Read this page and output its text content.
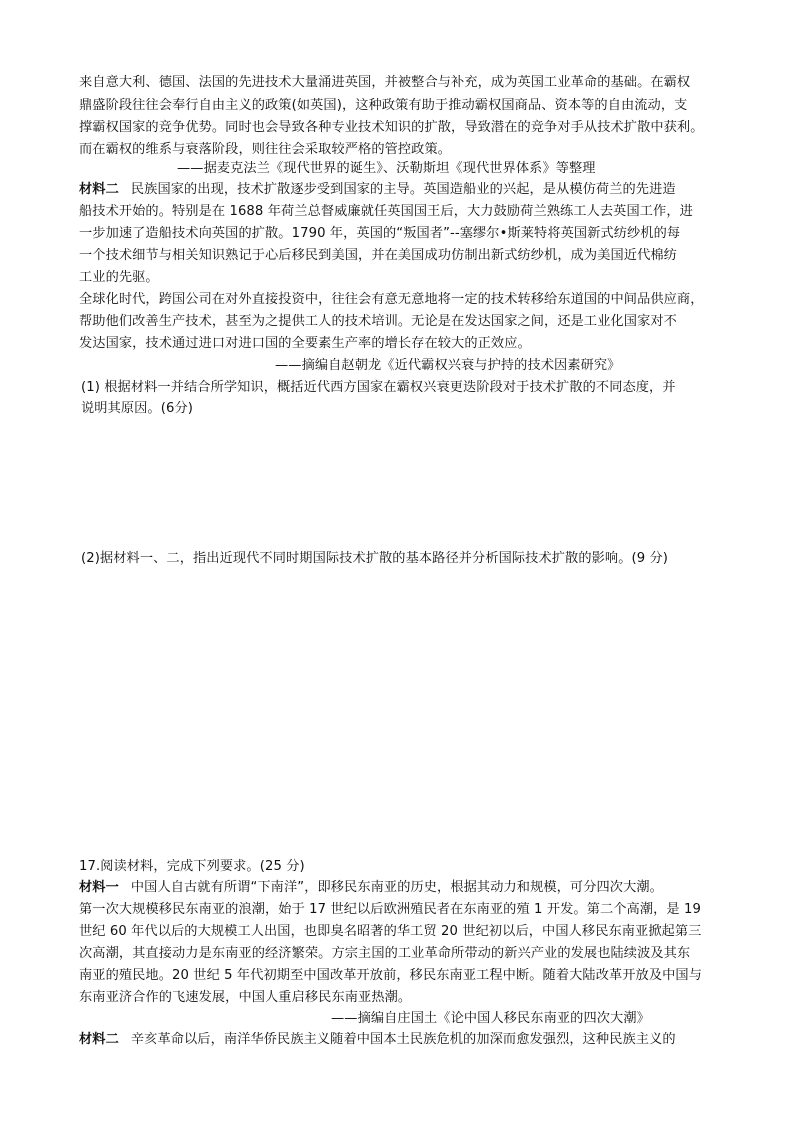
来自意大利、德国、法国的先进技术大量涌进英国，并被整合与补充，成为英国工业革命的基础。在霸权
鼎盛阶段往往会奉行自由主义的政策(如英国)，这种政策有助于推动霸权国商品、资本等的自由流动，支
撑霸权国家的竞争优势。同时也会导致各种专业技术知识的扩散，导致潜在的竞争对手从技术扩散中获利。
而在霸权的维系与衰落阶段，则往往会采取较严格的管控政策。
——据麦克法兰《现代世界的诞生》、沃勒斯坦《现代世界体系》等整理
材料二 民族国家的出现，技术扩散逐步受到国家的主导。英国造船业的兴起，是从模仿荷兰的先进造
船技术开始的。特别是在 1688 年荷兰总督威廉就任英国国王后，大力鼓励荷兰熟练工人去英国工作，进
一步加速了造船技术向英国的扩散。1790 年，英国的“叛国者”--塞缪尔•斯莱特将英国新式纺纱机的每
一个技术细节与相关知识熟记于心后移民到美国，并在美国成功仿制出新式纺纱机，成为美国近代棉纺
工业的先驱。
全球化时代，跨国公司在对外直接投资中，往往会有意无意地将一定的技术转移给东道国的中间品供应商，
帮助他们改善生产技术，甚至为之提供工人的技术培训。无论是在发达国家之间，还是工业化国家对不
发达国家，技术通过进口对进口国的全要素生产率的增长存在较大的正效应。
——摘编自赵朝龙《近代霸权兴衰与护持的技术因素研究》
(1) 根据材料一并结合所学知识，概括近代西方国家在霸权兴衰更迭阶段对于技术扩散的不同态度，并
说明其原因。(6分)
(2)据材料一、二，指出近现代不同时期国际技术扩散的基本路径并分析国际技术扩散的影响。(9 分)
17.阅读材料，完成下列要求。(25 分)
材料一 中国人自古就有所谓“下南洋”，即移民东南亚的历史，根据其动力和规模，可分四次大潮。
第一次大规模移民东南亚的浪潮，始于 17 世纪以后欧洲殖民者在东南亚的殖 1 开发。第二个高潮，是 19
世纪 60 年代以后的大规模工人出国，也即臭名昭著的华工贸 20 世纪初以后，中国人移民东南亚掀起第三
次高潮，其直接动力是东南亚的经济繁荣。方宗主国的工业革命所带动的新兴产业的发展也陆续波及其东
南亚的殖民地。20 世纪 5 年代初期至中国改革开放前，移民东南亚工程中断。随着大陆改革开放及中国与
东南亚济合作的飞速发展，中国人重启移民东南亚热潮。
——摘编自庄国土《论中国人移民东南亚的四次大潮》
材料二 辛亥革命以后，南洋华侨民族主义随着中国本土民族危机的加深而愈发强烈，这种民族主义的
